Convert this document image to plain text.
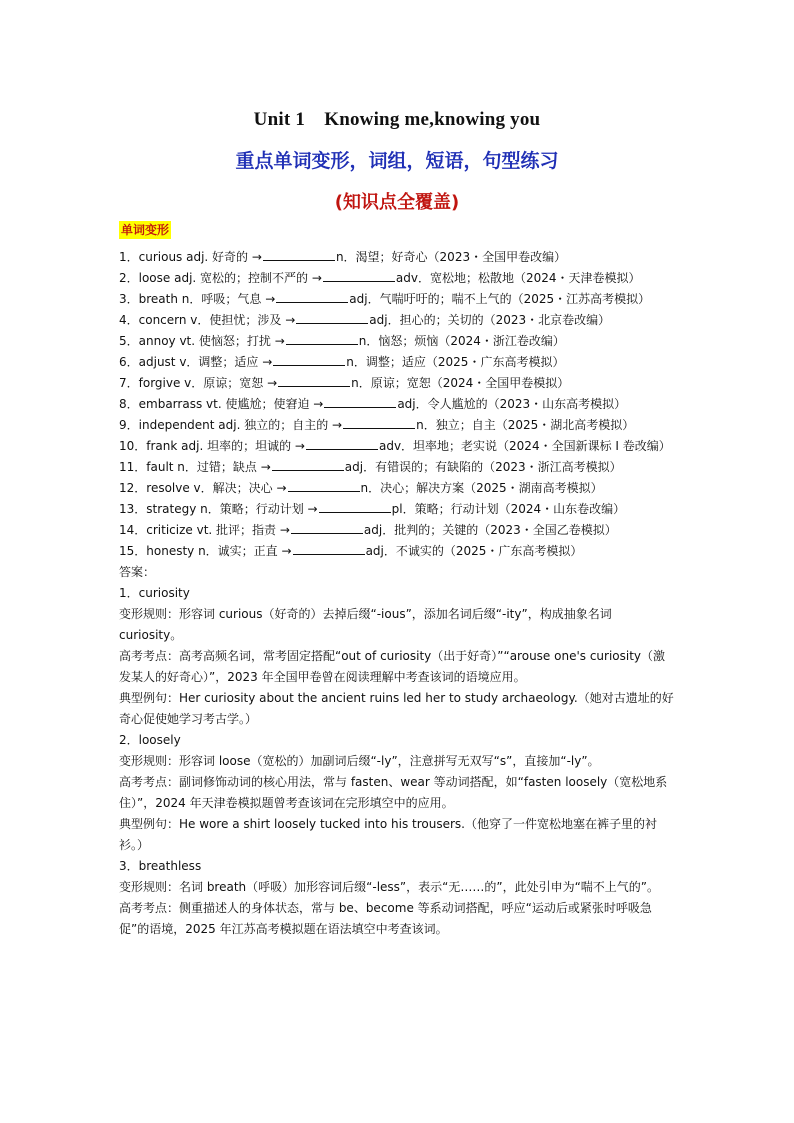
Unit 1　Knowing me,knowing you
重点单词变形，词组，短语，句型练习
(知识点全覆盖)
单词变形
1．curious adj. 好奇的 →	n．渴望；好奇心（2023・全国甲卷改编）
2．loose adj. 宽松的；控制不严的 →	adv．宽松地；松散地（2024・天津卷模拟）
3．breath n．呼吸；气息 →	adj．气喘吁吁的；喘不上气的（2025・江苏高考模拟）
4．concern v．使担忧；涉及 →	adj．担心的；关切的（2023・北京卷改编）
5．annoy vt. 使恼怒；打扰 →	n．恼怒；烦恼（2024・浙江卷改编）
6．adjust v．调整；适应 →	n．调整；适应（2025・广东高考模拟）
7．forgive v．原谅；宽恕 →	n．原谅；宽恕（2024・全国甲卷模拟）
8．embarrass vt. 使尴尬；使窘迫 →	adj．令人尴尬的（2023・山东高考模拟）
9．independent adj. 独立的；自主的 →	n．独立；自主（2025・湖北高考模拟）
10．frank adj. 坦率的；坦诚的 →	adv．坦率地；老实说（2024・全国新课标 I 卷改编）
11．fault n．过错；缺点 →	adj．有错误的；有缺陷的（2023・浙江高考模拟）
12．resolve v．解决；决心 →	n．决心；解决方案（2025・湖南高考模拟）
13．strategy n．策略；行动计划 →	pl．策略；行动计划（2024・山东卷改编）
14．criticize vt. 批评；指责 →	adj．批判的；关键的（2023・全国乙卷模拟）
15．honesty n．诚实；正直 →	adj．不诚实的（2025・广东高考模拟）
答案：
1．curiosity
变形规则：形容词 curious（好奇的）去掉后缀“-ious”，添加名词后缀“-ity”，构成抽象名词 curiosity。
高考考点：高考高频名词，常考固定搭配“out of curiosity（出于好奇）”“arouse one's curiosity（激发某人的好奇心）”，2023 年全国甲卷曾在阅读理解中考查该词的语境应用。
典型例句：Her curiosity about the ancient ruins led her to study archaeology.（她对古遗址的好奇心促使她学习考古学。）
2．loosely
变形规则：形容词 loose（宽松的）加副词后缀“-ly”，注意拼写无双写“s”，直接加“-ly”。
高考考点：副词修饰动词的核心用法，常与 fasten、wear 等动词搭配，如“fasten loosely（宽松地系住）”，2024 年天津卷模拟题曾考查该词在完形填空中的应用。
典型例句：He wore a shirt loosely tucked into his trousers.（他穿了一件宽松地塞在裤子里的衬衫。）
3．breathless
变形规则：名词 breath（呼吸）加形容词后缀“-less”，表示“无……的”，此处引申为“喘不上气的”。
高考考点：侧重描述人的身体状态，常与 be、become 等系动词搭配，呼应“运动后或紧张时呼吸急促”的语境，2025 年江苏高考模拟题在语法填空中考查该词。
